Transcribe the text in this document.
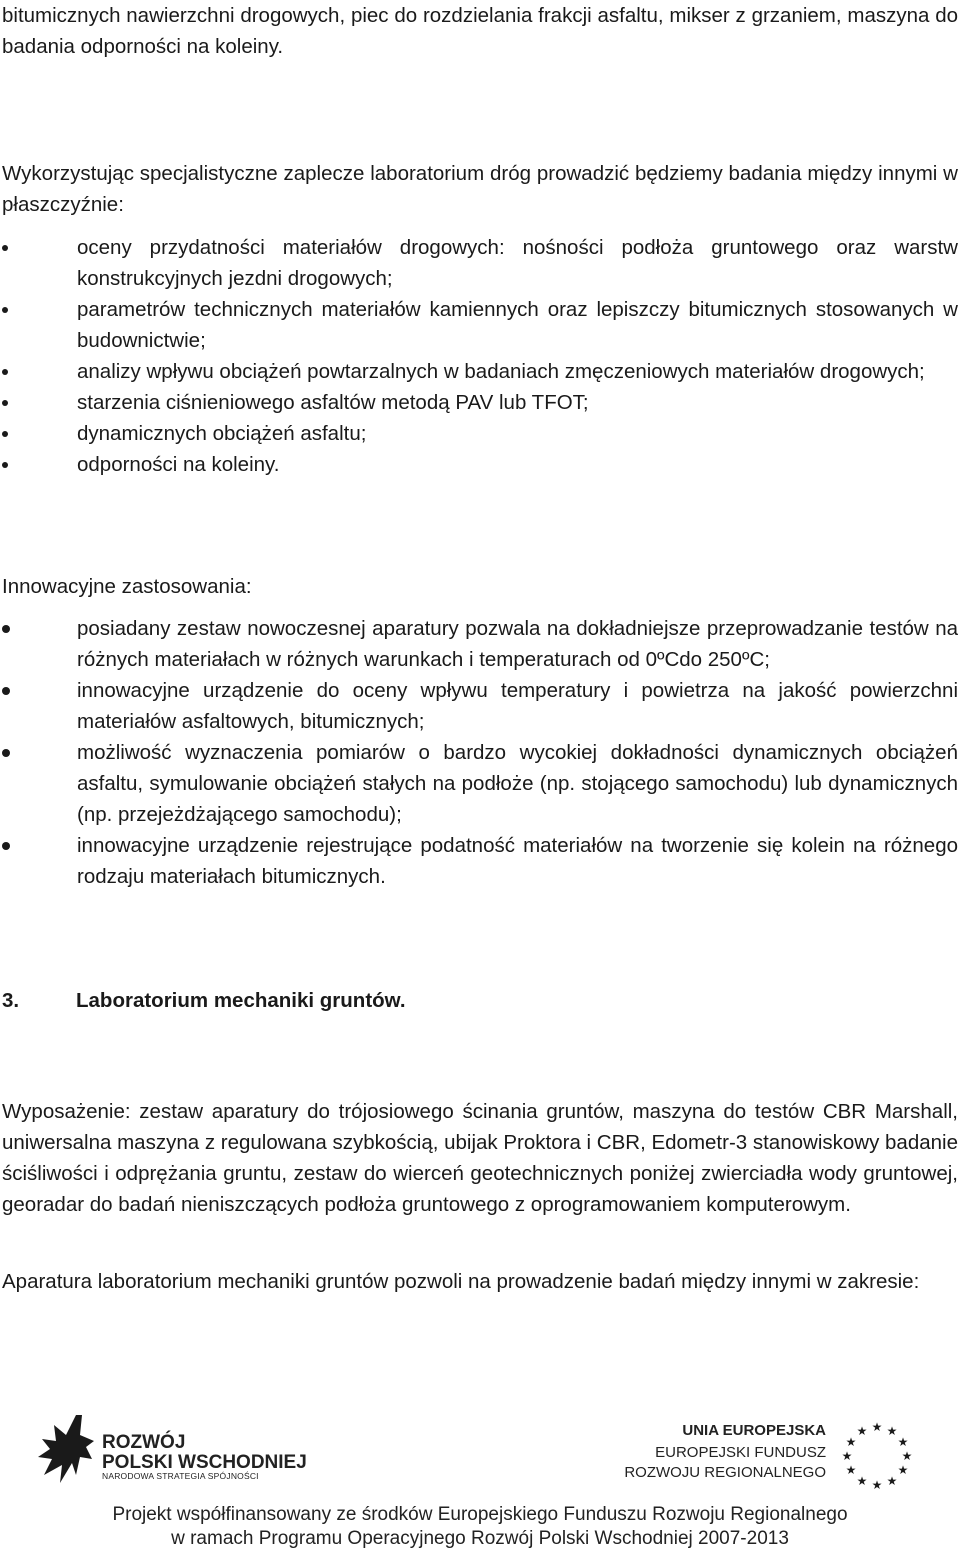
bitumicznych nawierzchni drogowych, piec do rozdzielania frakcji asfaltu, mikser z grzaniem, maszyna do badania odporności na koleiny.

Wykorzystując specjalistyczne zaplecze laboratorium dróg prowadzić będziemy badania między innymi w płaszczyźnie:

oceny przydatności materiałów drogowych: nośności podłoża gruntowego oraz warstw konstrukcyjnych jezdni drogowych;
parametrów technicznych materiałów kamiennych oraz lepiszczy bitumicznych stosowanych w budownictwie;
analizy wpływu obciążeń powtarzalnych w badaniach zmęczeniowych materiałów drogowych;
starzenia ciśnieniowego asfaltów metodą PAV lub TFOT;
dynamicznych obciążeń asfaltu;
odporności na koleiny.

Innowacyjne zastosowania:

posiadany zestaw nowoczesnej aparatury pozwala na dokładniejsze przeprowadzanie testów na różnych materiałach w różnych warunkach i temperaturach od 0ºCdo 250ºC;
innowacyjne urządzenie do oceny wpływu temperatury i powietrza na jakość powierzchni materiałów asfaltowych, bitumicznych;
możliwość wyznaczenia pomiarów o bardzo wycokiej dokładności dynamicznych obciążeń asfaltu, symulowanie obciążeń stałych na podłoże (np. stojącego samochodu) lub dynamicznych (np. przejeżdżającego samochodu);
innowacyjne urządzenie rejestrujące podatność materiałów na tworzenie się kolein na różnego rodzaju materiałach bitumicznych.
3.	Laboratorium mechaniki gruntów.

Wyposażenie: zestaw aparatury do trójosiowego ścinania gruntów, maszyna do testów CBR Marshall, uniwersalna maszyna z regulowana szybkością, ubijak Proktora i CBR, Edometr-3 stanowiskowy badanie ściśliwości i odprężania gruntu, zestaw do wierceń geotechnicznych poniżej zwierciadła wody gruntowej, georadar do badań nieniszczących podłoża gruntowego z oprogramowaniem komputerowym.

Aparatura laboratorium mechaniki gruntów pozwoli na prowadzenie badań między innymi w zakresie:

ROZWÓJ
POLSKI WSCHODNIEJ
NARODOWA STRATEGIA SPÓJNOŚCI
UNIA EUROPEJSKA
EUROPEJSKI FUNDUSZ
ROZWOJU REGIONALNEGO
★ ★
★
★
★
★
★
★
★
★
★
★
Projekt współfinansowany ze środków Europejskiego Funduszu Rozwoju Regionalnego
w ramach Programu Operacyjnego Rozwój Polski Wschodniej 2007-2013
